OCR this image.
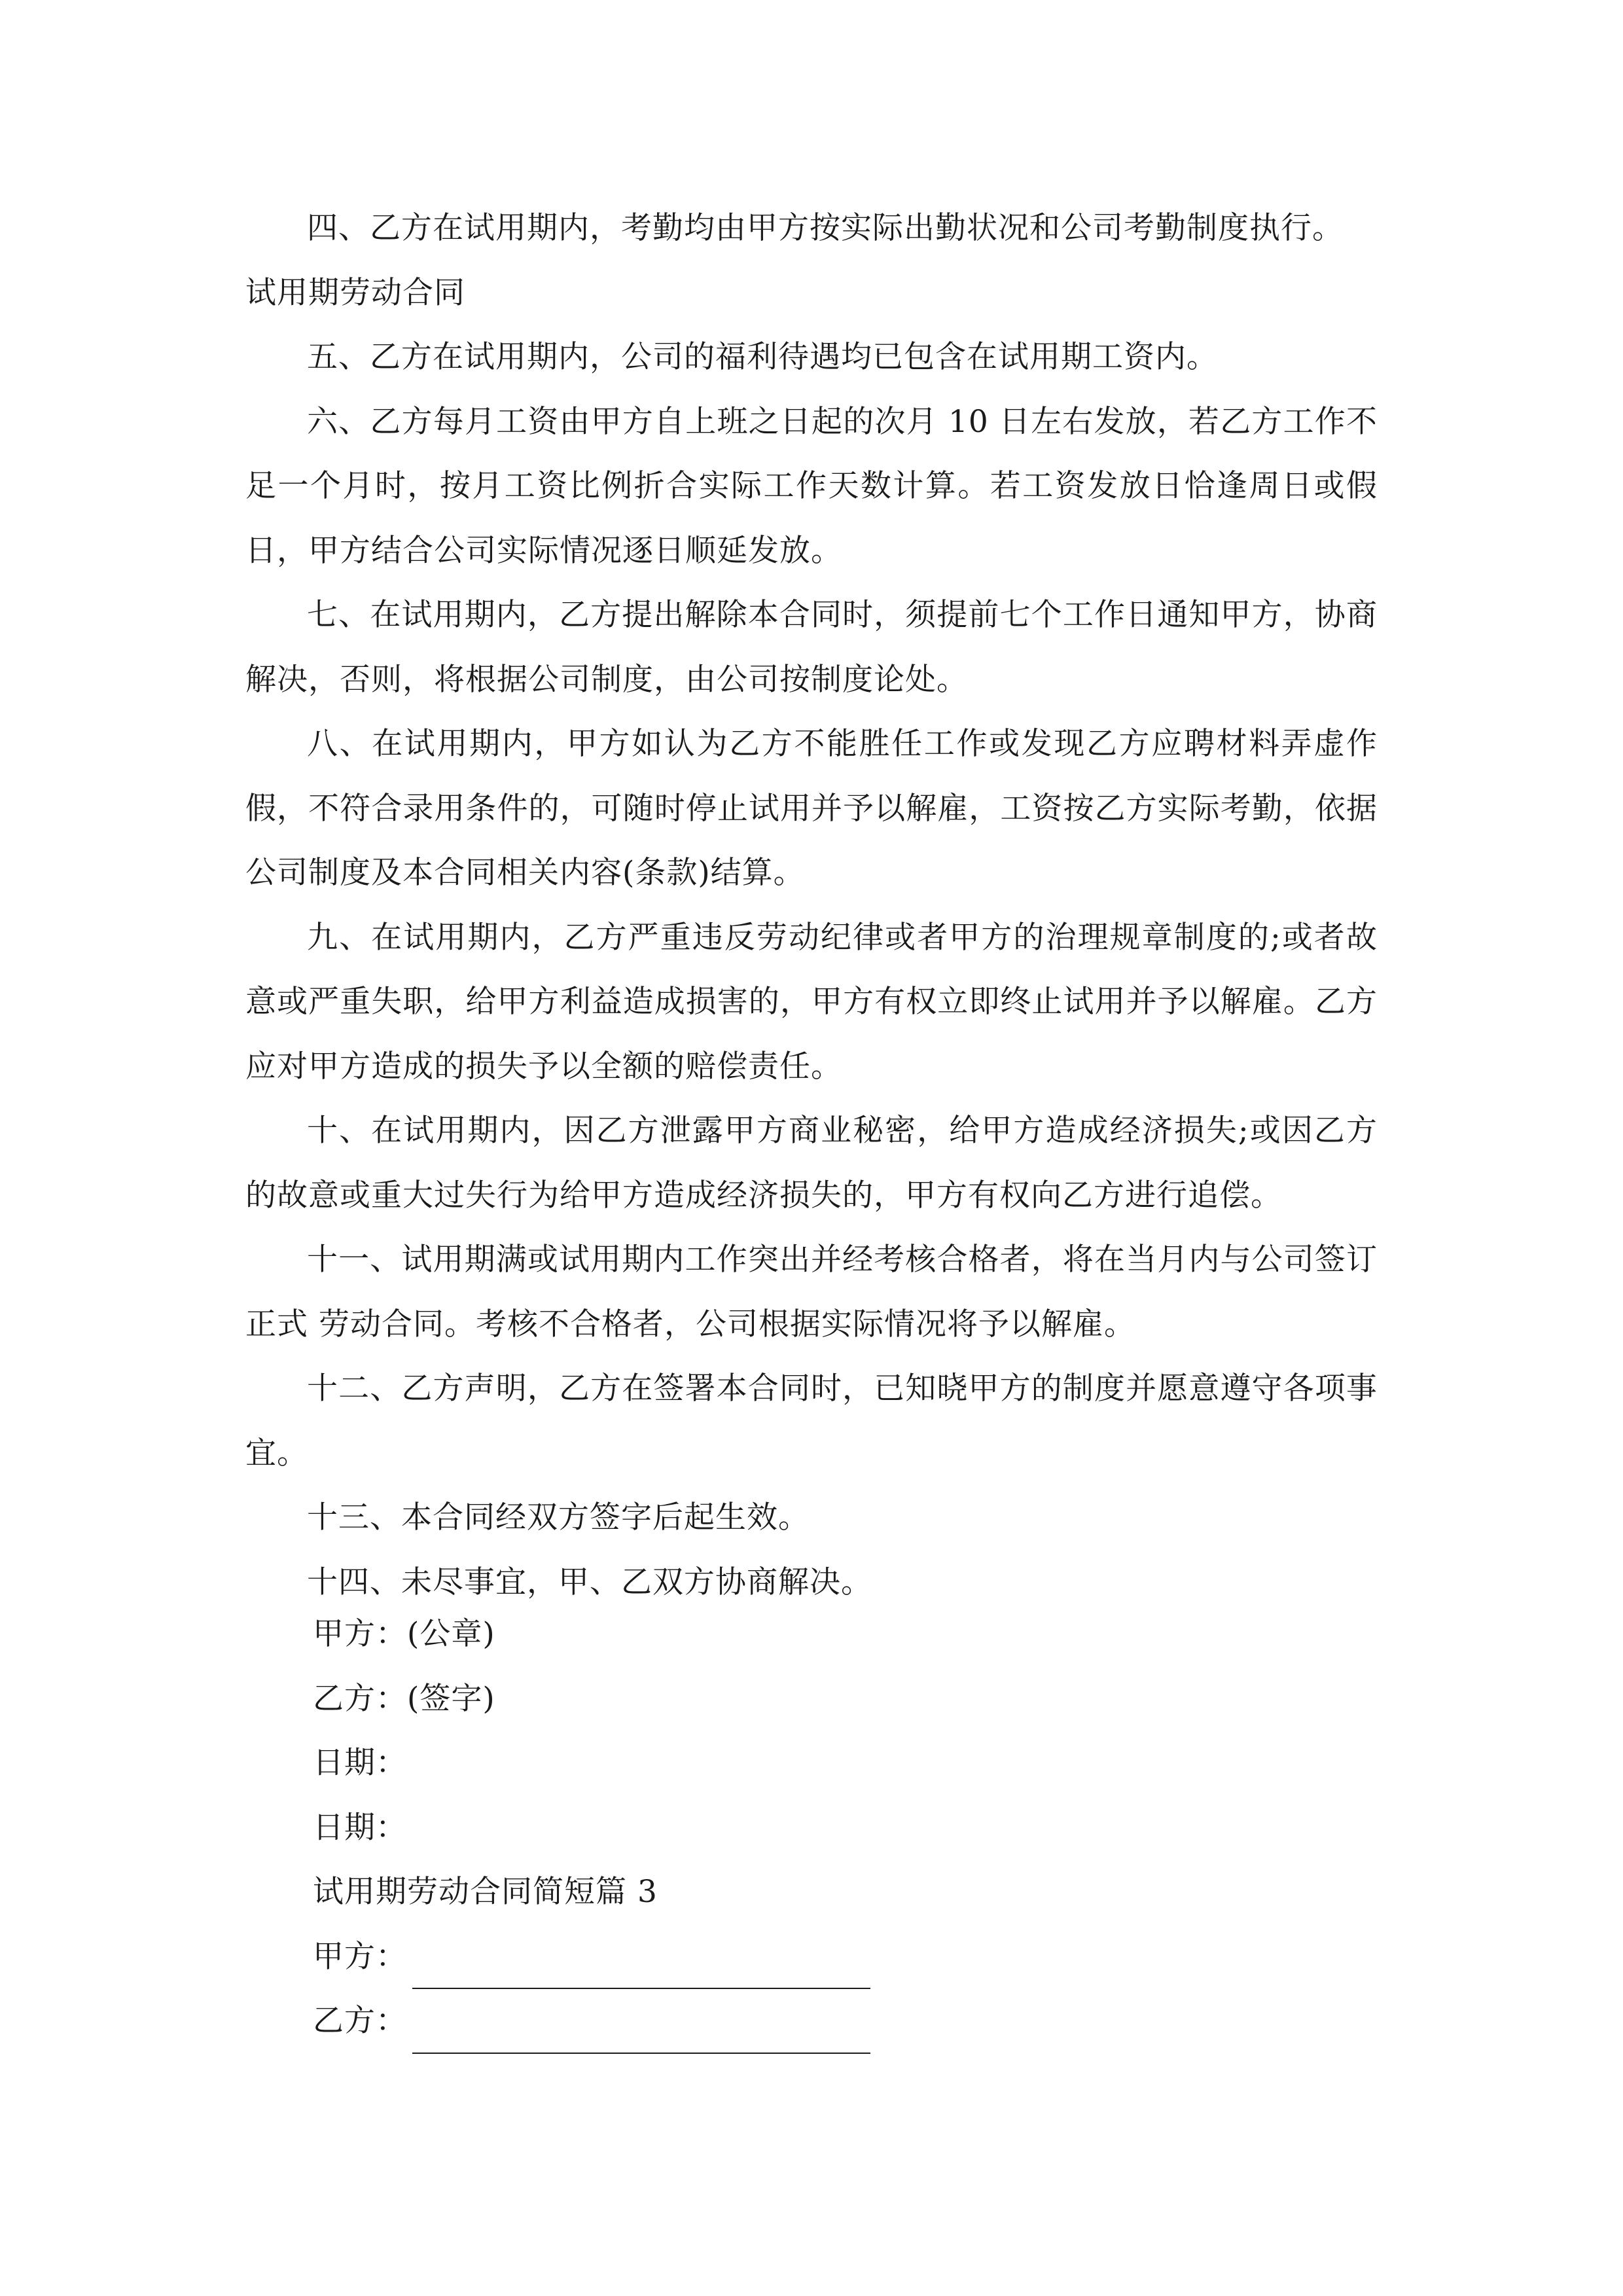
四、乙方在试用期内，考勤均由甲方按实际出勤状况和公司考勤制度执行。

试用期劳动合同

五、乙方在试用期内，公司的福利待遇均已包含在试用期工资内。

六、乙方每月工资由甲方自上班之日起的次月 10 日左右发放，若乙方工作不足一个月时，按月工资比例折合实际工作天数计算。若工资发放日恰逢周日或假日，甲方结合公司实际情况逐日顺延发放。

七、在试用期内，乙方提出解除本合同时，须提前七个工作日通知甲方，协商解决，否则，将根据公司制度，由公司按制度论处。

八、在试用期内，甲方如认为乙方不能胜任工作或发现乙方应聘材料弄虚作假，不符合录用条件的，可随时停止试用并予以解雇，工资按乙方实际考勤，依据公司制度及本合同相关内容(条款)结算。

九、在试用期内，乙方严重违反劳动纪律或者甲方的治理规章制度的;或者故意或严重失职，给甲方利益造成损害的，甲方有权立即终止试用并予以解雇。乙方应对甲方造成的损失予以全额的赔偿责任。

十、在试用期内，因乙方泄露甲方商业秘密，给甲方造成经济损失;或因乙方的故意或重大过失行为给甲方造成经济损失的，甲方有权向乙方进行追偿。

十一、试用期满或试用期内工作突出并经考核合格者，将在当月内与公司签订正式 劳动合同。考核不合格者，公司根据实际情况将予以解雇。

十二、乙方声明，乙方在签署本合同时，已知晓甲方的制度并愿意遵守各项事宜。

十三、本合同经双方签字后起生效。

十四、未尽事宜，甲、乙双方协商解决。

甲方：(公章)
乙方：(签字)
日期：
日期：
试用期劳动合同简短篇 3
甲方：
乙方：
